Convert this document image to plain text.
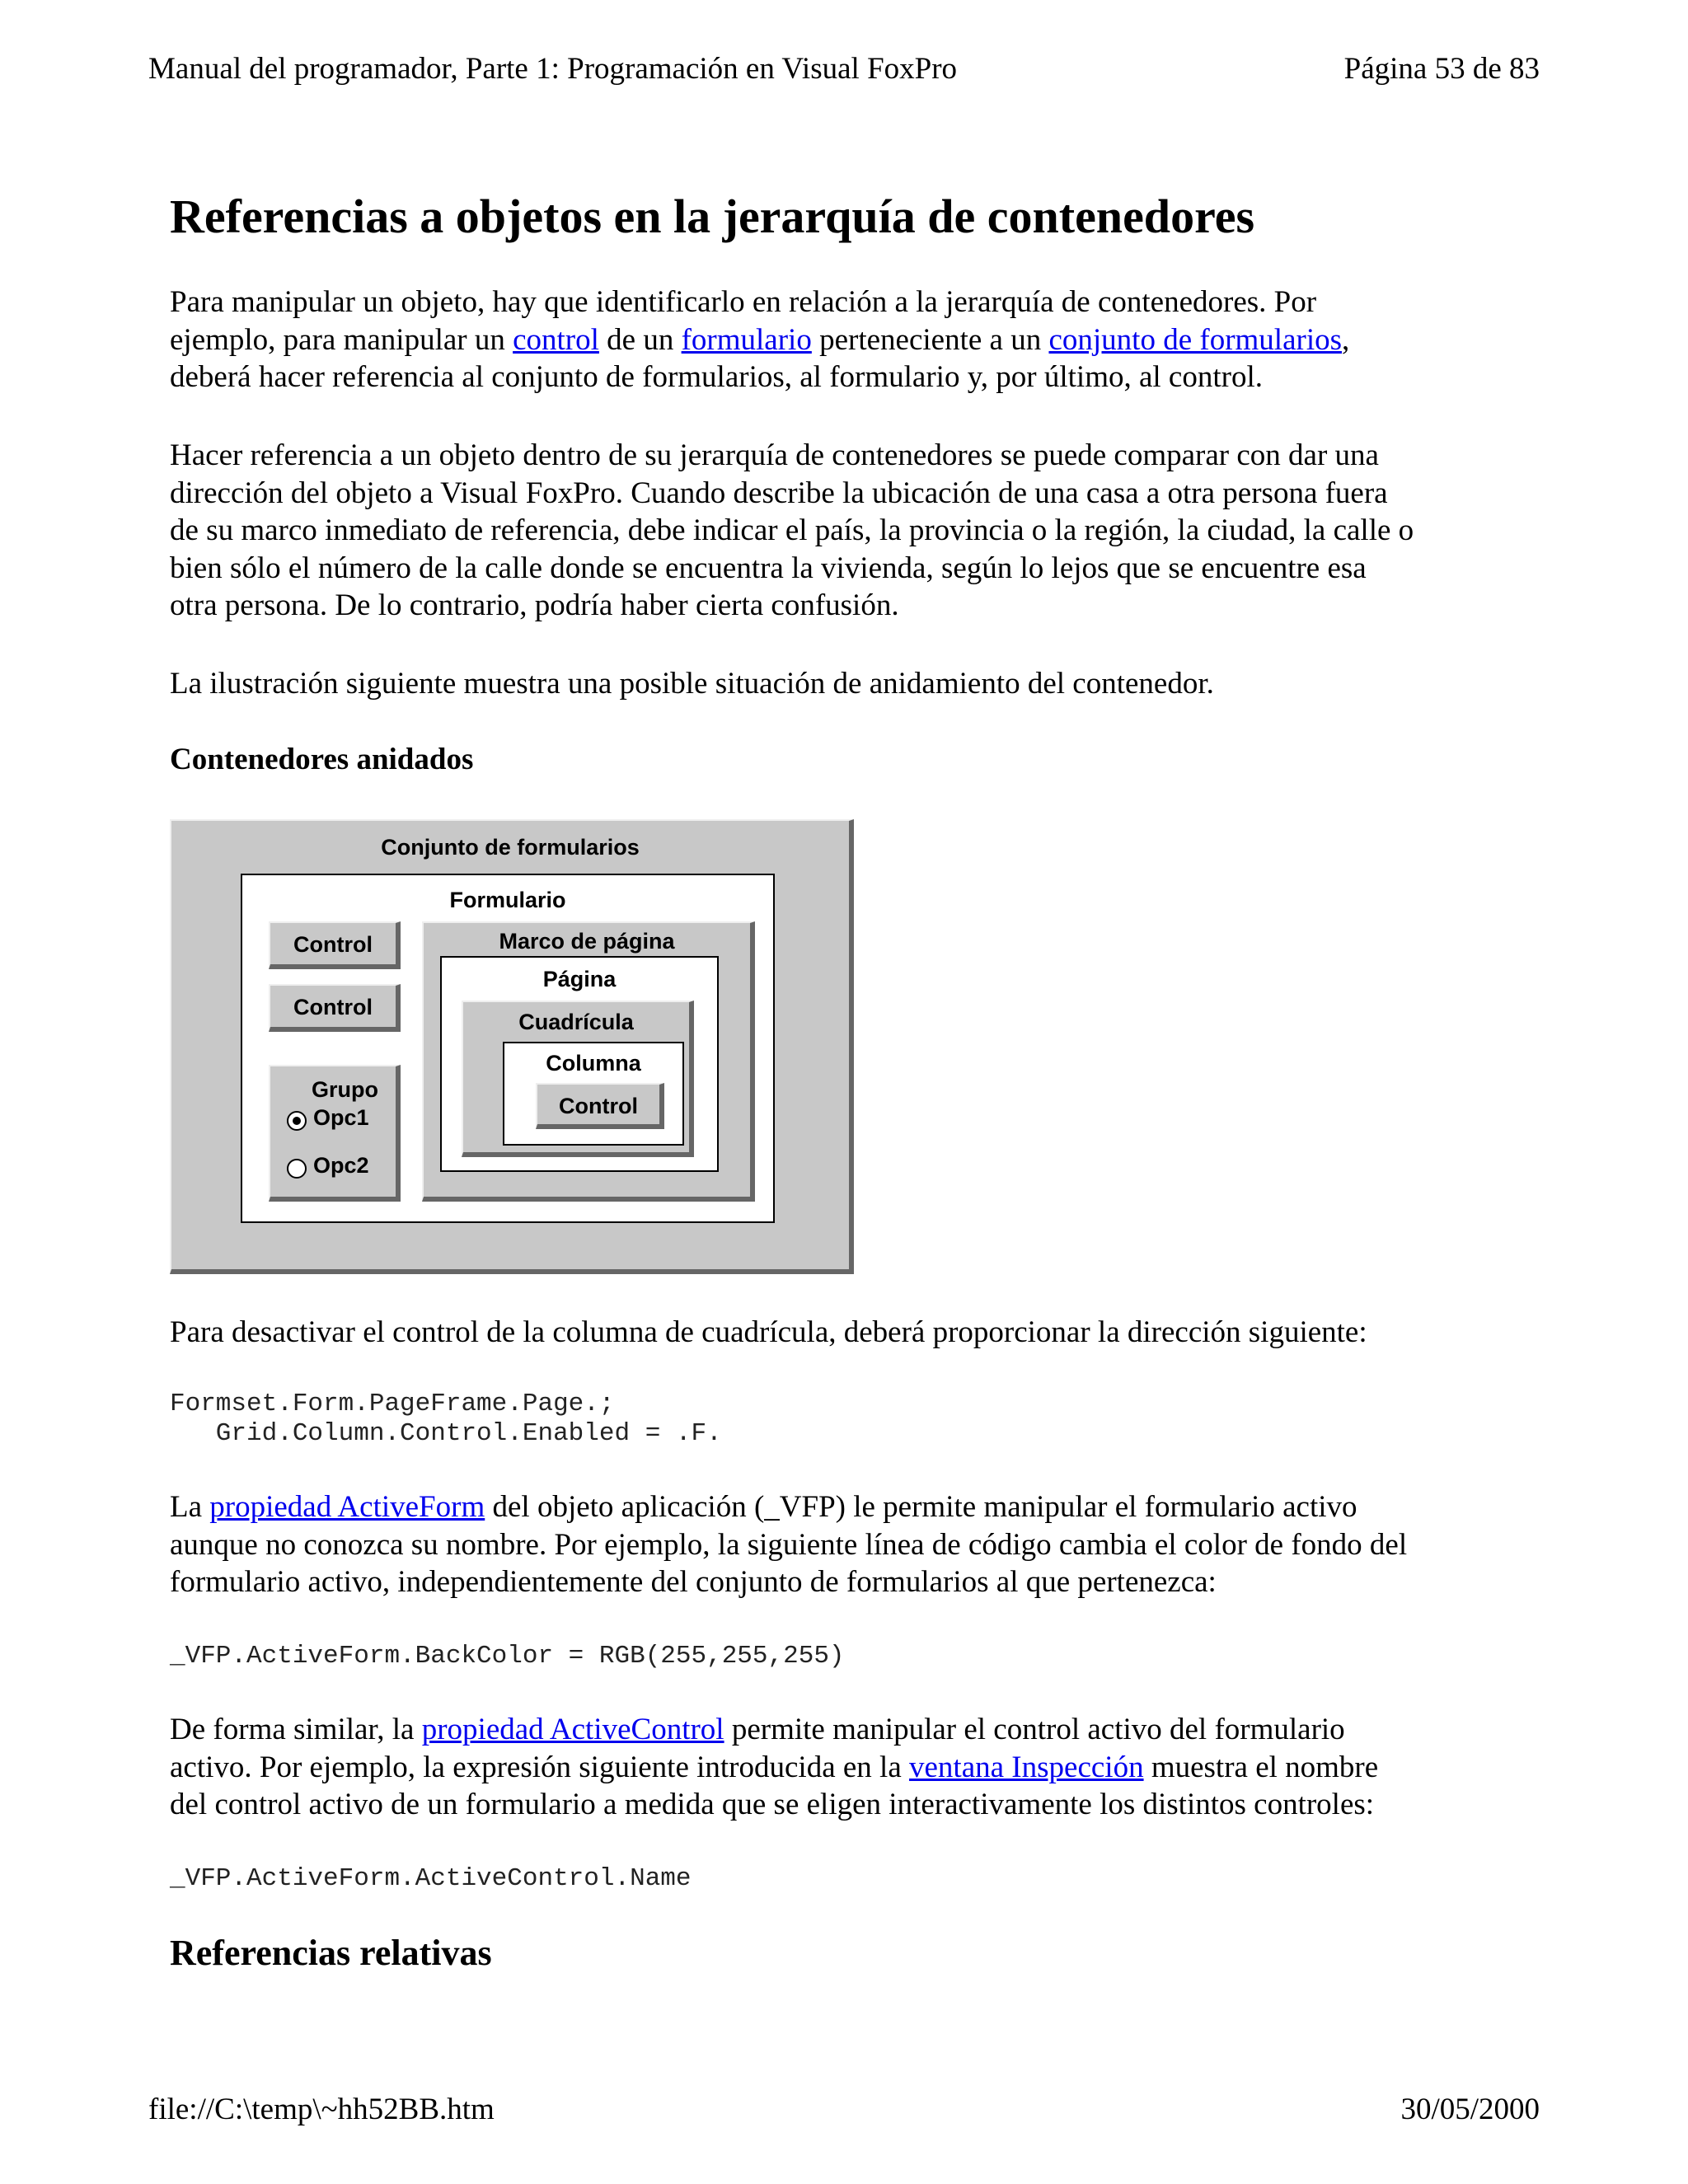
Manual del programador, Parte 1: Programación en Visual FoxPro	Página 53 de 83
Referencias a objetos en la jerarquía de contenedores
Para manipular un objeto, hay que identificarlo en relación a la jerarquía de contenedores. Por
ejemplo, para manipular un control de un formulario perteneciente a un conjunto de formularios,
deberá hacer referencia al conjunto de formularios, al formulario y, por último, al control.
Hacer referencia a un objeto dentro de su jerarquía de contenedores se puede comparar con dar una
dirección del objeto a Visual FoxPro. Cuando describe la ubicación de una casa a otra persona fuera
de su marco inmediato de referencia, debe indicar el país, la provincia o la región, la ciudad, la calle o
bien sólo el número de la calle donde se encuentra la vivienda, según lo lejos que se encuentre esa
otra persona. De lo contrario, podría haber cierta confusión.
La ilustración siguiente muestra una posible situación de anidamiento del contenedor.
Contenedores anidados
Conjunto de formularios
Formulario
Control
Control
Grupo
Opc1
Opc2
Marco de página
Página
Cuadrícula
Columna
Control
Para desactivar el control de la columna de cuadrícula, deberá proporcionar la dirección siguiente:
Formset.Form.PageFrame.Page.;
Grid.Column.Control.Enabled = .F.
La propiedad ActiveForm del objeto aplicación (_VFP) le permite manipular el formulario activo
aunque no conozca su nombre. Por ejemplo, la siguiente línea de código cambia el color de fondo del
formulario activo, independientemente del conjunto de formularios al que pertenezca:
_VFP.ActiveForm.BackColor = RGB(255,255,255)
De forma similar, la propiedad ActiveControl permite manipular el control activo del formulario
activo. Por ejemplo, la expresión siguiente introducida en la ventana Inspección muestra el nombre
del control activo de un formulario a medida que se eligen interactivamente los distintos controles:
_VFP.ActiveForm.ActiveControl.Name
Referencias relativas
file://C:\temp\~hh52BB.htm	30/05/2000
